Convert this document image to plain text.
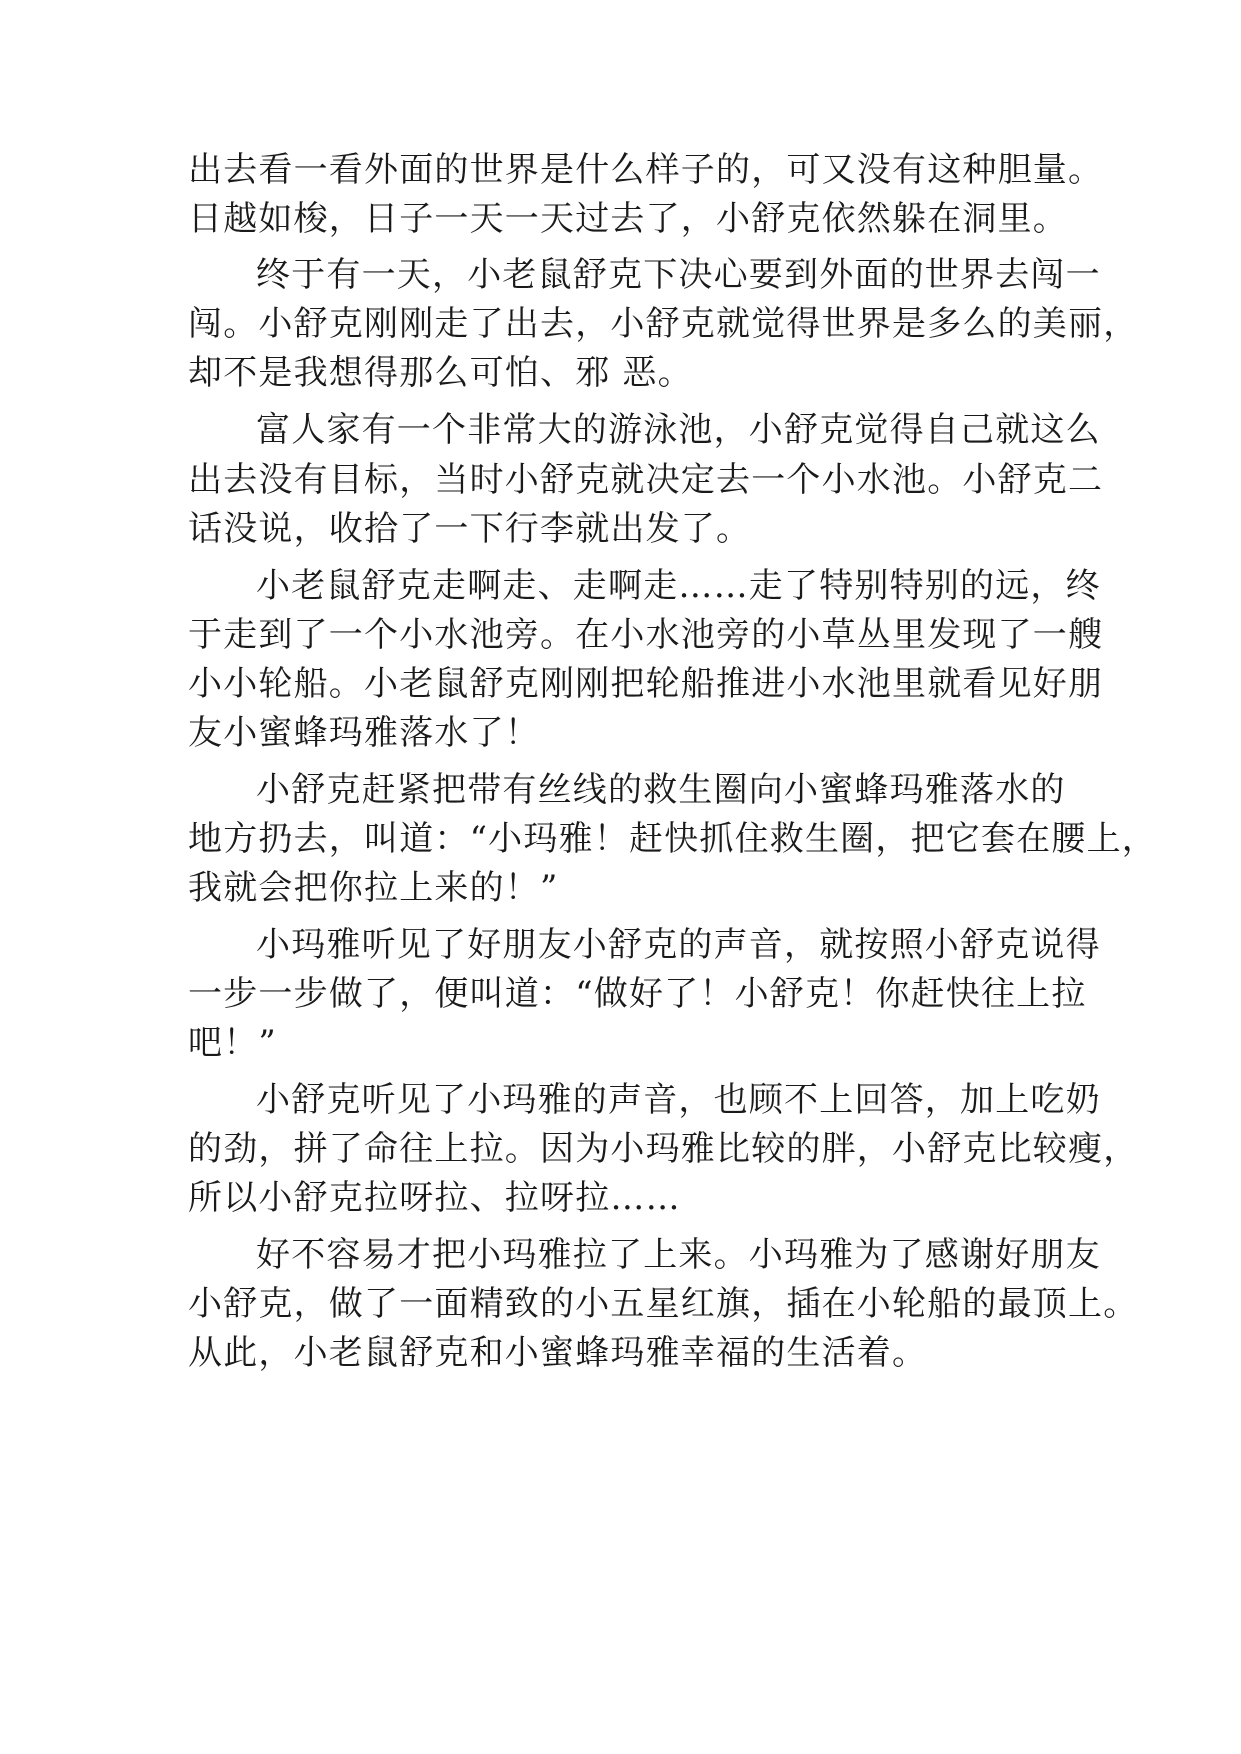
出去看一看外面的世界是什么样子的，可又没有这种胆量。
日越如梭，日子一天一天过去了，小舒克依然躲在洞里。
终于有一天，小老鼠舒克下决心要到外面的世界去闯一
闯。小舒克刚刚走了出去，小舒克就觉得世界是多么的美丽，
却不是我想得那么可怕、邪 恶。
富人家有一个非常大的游泳池，小舒克觉得自己就这么
出去没有目标，当时小舒克就决定去一个小水池。小舒克二
话没说，收拾了一下行李就出发了。
小老鼠舒克走啊走、走啊走……走了特别特别的远，终
于走到了一个小水池旁。在小水池旁的小草丛里发现了一艘
小小轮船。小老鼠舒克刚刚把轮船推进小水池里就看见好朋
友小蜜蜂玛雅落水了！
小舒克赶紧把带有丝线的救生圈向小蜜蜂玛雅落水的
地方扔去，叫道：“小玛雅！赶快抓住救生圈，把它套在腰上，
我就会把你拉上来的！”
小玛雅听见了好朋友小舒克的声音，就按照小舒克说得
一步一步做了，便叫道：“做好了！小舒克！你赶快往上拉
吧！”
小舒克听见了小玛雅的声音，也顾不上回答，加上吃奶
的劲，拼了命往上拉。因为小玛雅比较的胖，小舒克比较瘦，
所以小舒克拉呀拉、拉呀拉……
好不容易才把小玛雅拉了上来。小玛雅为了感谢好朋友
小舒克，做了一面精致的小五星红旗，插在小轮船的最顶上。
从此，小老鼠舒克和小蜜蜂玛雅幸福的生活着。
